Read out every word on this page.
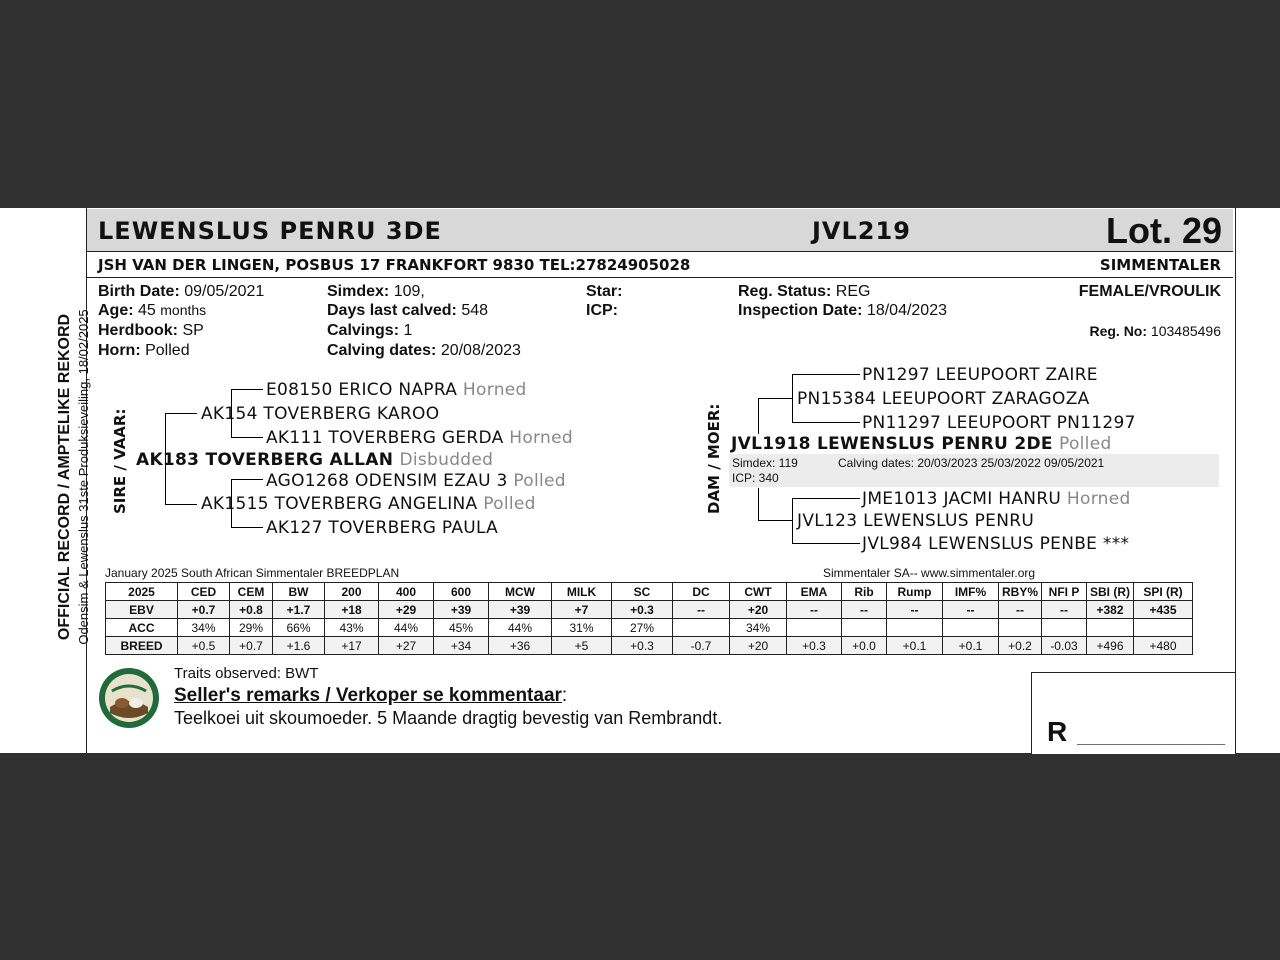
OFFICIAL RECORD / AMPTELIKE REKORD Odensim & Lewenslus 31ste Produksieveiling, 18/02/2025
LEWENSLUS PENRU 3DE	JVL219	Lot. 29
JSH VAN DER LINGEN, POSBUS 17 FRANKFORT 9830 TEL:27824905028	SIMMENTALER
Birth Date: 09/05/2021
Age: 45 months
Herdbook: SP
Horn: Polled
Simdex: 109,
Days last calved: 548
Calvings: 1
Calving dates: 20/08/2023
Star:
ICP:
Reg. Status: REG
Inspection Date: 18/04/2023
FEMALE/VROULIK
Reg. No: 103485496
SIRE / VAAR:
E08150 ERICO NAPRA Horned
AK154 TOVERBERG KAROO
AK111 TOVERBERG GERDA Horned
AK183 TOVERBERG ALLAN Disbudded
AGO1268 ODENSIM EZAU 3 Polled
AK1515 TOVERBERG ANGELINA Polled
AK127 TOVERBERG PAULA
DAM / MOER:
PN1297 LEEUPOORT ZAIRE
PN15384 LEEUPOORT ZARAGOZA
PN11297 LEEUPOORT PN11297
JVL1918 LEWENSLUS PENRU 2DE Polled
Simdex: 119	Calving dates: 20/03/2023 25/03/2022 09/05/2021
ICP: 340
JME1013 JACMI HANRU Horned
JVL123 LEWENSLUS PENRU
JVL984 LEWENSLUS PENBE ***
January 2025 South African Simmentaler BREEDPLAN	Simmentaler SA-- www.simmentaler.org
2025	CED	CEM	BW	200	400	600	MCW	MILK	SC	DC	CWT	EMA	Rib	Rump	IMF%	RBY%	NFI P	SBI (R)	SPI (R)
EBV	+0.7	+0.8	+1.7	+18	+29	+39	+39	+7	+0.3	--	+20	--	--	--	--	--	--	+382	+435
ACC	34%	29%	66%	43%	44%	45%	44%	31%	27%		34%								
BREED	+0.5	+0.7	+1.6	+17	+27	+34	+36	+5	+0.3	-0.7	+20	+0.3	+0.0	+0.1	+0.1	+0.2	-0.03	+496	+480
Traits observed: BWT
Seller's remarks / Verkoper se kommentaar:
Teelkoei uit skoumoeder. 5 Maande dragtig bevestig van Rembrandt.	R ___________________
